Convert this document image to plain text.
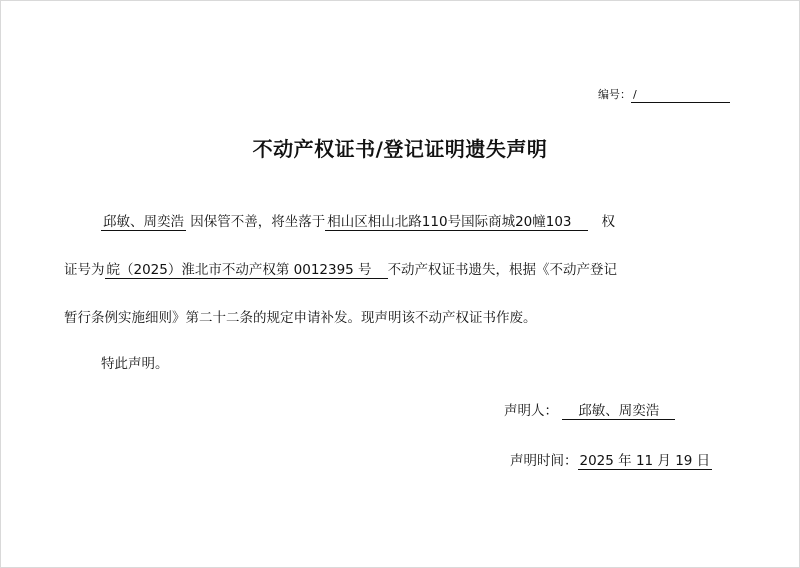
编号： /
不动产权证书/登记证明遗失声明
邱敏、周奕浩 因保管不善，将坐落于 相山区相山北路110号国际商城20幢103 权
证号为 皖（2025）淮北市不动产权第 0012395 号 不动产权证书遗失，根据《不动产登记
暂行条例实施细则》第二十二条的规定申请补发。现声明该不动产权证书作废。
特此声明。
声明人： 邱敏、周奕浩
声明时间： 2025 年 11 月 19 日
